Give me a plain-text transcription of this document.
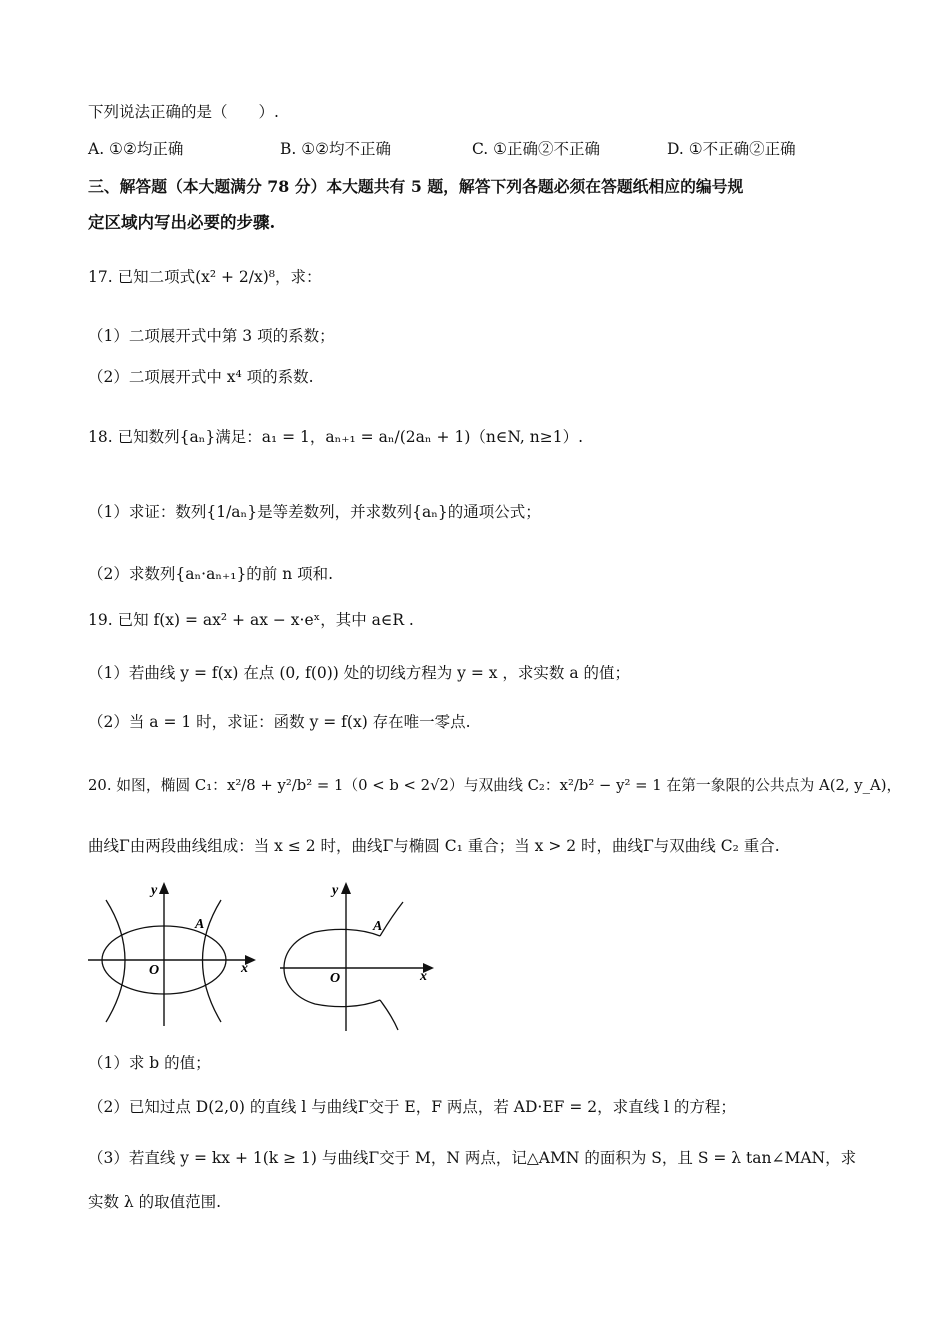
下列说法正确的是（　　）.
A. ①②均正确	B. ①②均不正确	C. ①正确②不正确	D. ①不正确②正确
三、解答题（本大题满分 78 分）本大题共有 5 题，解答下列各题必须在答题纸相应的编号规
定区域内写出必要的步骤.
17. 已知二项式(x² + 2/x)⁸，求：
（1）二项展开式中第 3 项的系数；
（2）二项展开式中 x⁴ 项的系数.
18. 已知数列{aₙ}满足：a₁ = 1，aₙ₊₁ = aₙ/(2aₙ + 1)（n∈N, n≥1）.
（1）求证：数列{1/aₙ}是等差数列，并求数列{aₙ}的通项公式；
（2）求数列{aₙ·aₙ₊₁}的前 n 项和.
19. 已知 f(x) = ax² + ax − x·eˣ，其中 a∈R .
（1）若曲线 y = f(x) 在点 (0, f(0)) 处的切线方程为 y = x ，求实数 a 的值；
（2）当 a = 1 时，求证：函数 y = f(x) 存在唯一零点.
20. 如图，椭圆 C₁：x²/8 + y²/b² = 1（0 < b < 2√2）与双曲线 C₂：x²/b² − y² = 1 在第一象限的公共点为 A(2, y_A)，
曲线Γ由两段曲线组成：当 x ≤ 2 时，曲线Γ与椭圆 C₁ 重合；当 x > 2 时，曲线Γ与双曲线 C₂ 重合.
y
x
O
A
y
x
O
A
（1）求 b 的值；
（2）已知过点 D(2,0) 的直线 l 与曲线Γ交于 E，F 两点，若 AD·EF = 2，求直线 l 的方程；
（3）若直线 y = kx + 1(k ≥ 1) 与曲线Γ交于 M，N 两点，记△AMN 的面积为 S，且 S = λ tan∠MAN，求
实数 λ 的取值范围.
